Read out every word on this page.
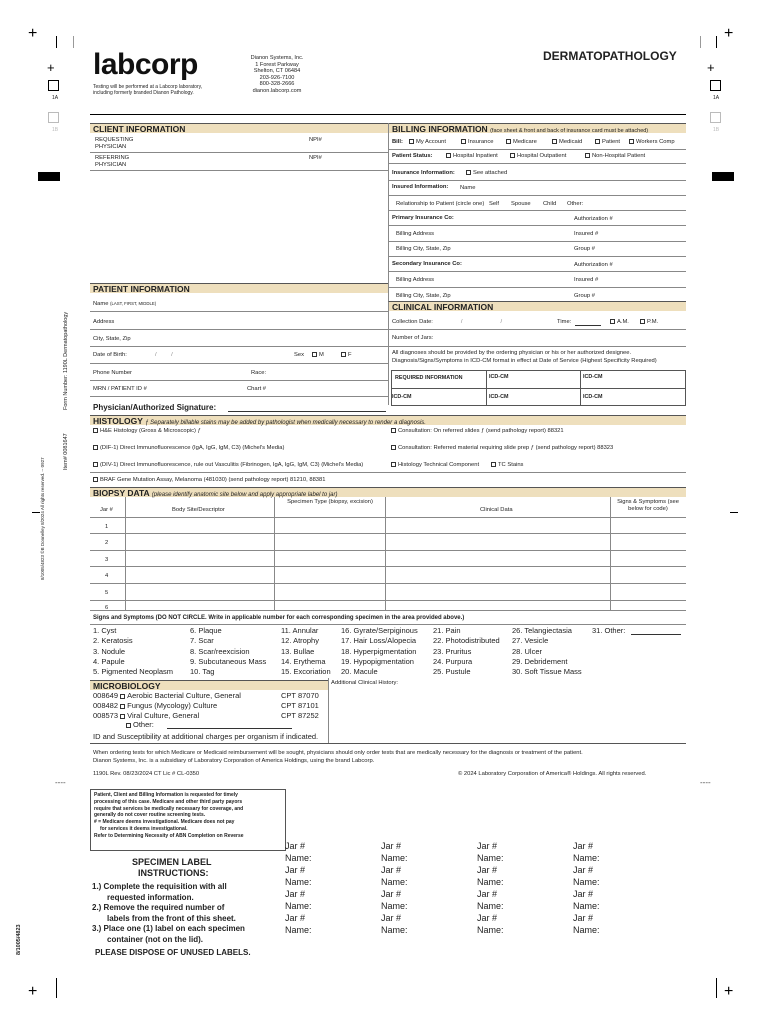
+	+
+	+
+	+
1A	1A
1B	1B
----	----
labcorp
Testing will be performed at a Labcorp laboratory,
including formerly branded Dianon Pathology.
Dianon Systems, Inc.
1 Forest Parkway
Shelton, CT 06484
203-926-7100
800-328-2666
dianon.labcorp.com
DERMATOPATHOLOGY
CLIENT INFORMATION	BILLING INFORMATION (face sheet & front and back of insurance card must be attached)
REQUESTING PHYSICIAN
NPI#
REFERRING PHYSICIAN
NPI#
Bill:	My Account	Insurance	Medicare	Medicaid	Patient	Workers Comp
Patient Status:	Hospital Inpatient	Hospital Outpatient	Non-Hospital Patient
Insurance Information:	See attached
Insured Information: Name
Relationship to Patient (circle one) Self Spouse Child Other:
Primary Insurance Co:	Authorization #
Billing Address	Insured #
Billing City, State, Zip	Group #
Secondary Insurance Co:	Authorization #
Billing Address	Insured #
Billing City, State, Zip	Group #
PATIENT INFORMATION
Name (LAST, FIRST, MIDDLE)
Address
City, State, Zip
Date of Birth:	/         /	Sex	M	F
Phone Number	Race:
MRN / PATIENT ID #	Chart #
CLINICAL INFORMATION
Collection Date:	/	/	Time:	A.M.	P.M.
Number of Jars:
All diagnoses should be provided by the ordering physician or his or her authorized designee.
Diagnosis/Signs/Symptoms in ICD-CM format in effect at Date of Service (Highest Specificity Required)
REQUIRED INFORMATION	ICD-CM	ICD-CM
ICD-CM	ICD-CM	ICD-CM
Physician/Authorized Signature:
HISTOLOGY ƒ Separately billable stains may be added by pathologist when medically necessary to render a diagnosis.
H&E Histology (Gross & Microscopic) ƒ	Consultation: On referred slides ƒ (send pathology report) 88321
(DIF-1) Direct Immunofluorescence (IgA, IgG, IgM, C3) (Michel's Media)	Consultation: Referred material requiring slide prep ƒ (send pathology report) 88323
(DIV-1) Direct Immunofluorescence, rule out Vasculitis (Fibrinogen, IgA, IgG, IgM, C3) (Michel's Media)	Histology Technical Component	TC Stains
BRAF Gene Mutation Assay, Melanoma (481030) (send pathology report) 81210, 88381
BIOPSY DATA (please identify anatomic site below and apply appropriate label to jar)
Jar #	Body Site/Descriptor
Specimen Type (biopsy, excision)
Clinical Data
Signs & Symptoms (see below for code)
1
2
3
4
5
6
Signs and Symptoms (DO NOT CIRCLE. Write in applicable number for each corresponding specimen in the area provided above.)
1. Cyst
2. Keratosis
3. Nodule
4. Papule
5. Pigmented Neoplasm
6. Plaque
7. Scar
8. Scar/reexcision
9. Subcutaneous Mass
10. Tag
11. Annular
12. Atrophy
13. Bullae
14. Erythema
15. Excoriation
16. Gyrate/Serpiginous
17. Hair Loss/Alopecia
18. Hyperpigmentation
19. Hypopigmentation
20. Macule
21. Pain
22. Photodistributed
23. Pruritus
24. Purpura
25. Pustule
26. Telangiectasia
27. Vesicle
28. Ulcer
29. Debridement
30. Soft Tissue Mass
31. Other:
MICROBIOLOGY	Additional Clinical History:
008649 Aerobic Bacterial Culture, General	CPT 87070
008482 Fungus (Mycology) Culture	CPT 87101
008573 Viral Culture, General	CPT 87252
Other:
ID and Susceptibility at additional charges per organism if indicated.
When ordering tests for which Medicare or Medicaid reimbursement will be sought, physicians should only order tests that are medically necessary for the diagnosis or treatment of the patient.
Dianon Systems, Inc. is a subsidiary of Laboratory Corporation of America Holdings, using the brand Labcorp.
1190L Rev. 08/23/2024 CT Lic # CL-0350	© 2024 Laboratory Corporation of America® Holdings. All rights reserved.
Form Number: 1190L Dermatopathology
Item# 0081647
8/1005/4823 ©B Donnelley 8/2024 All rights reserved. -- 0927
8/1005/4823
Patient, Client and Billing Information is requested for timely
processing of this case. Medicare and other third party payors
require that services be medically necessary for coverage, and
generally do not cover routine screening tests.
# = Medicare deems investigational. Medicare does not pay
for services it deems investigational.
Refer to Determining Necessity of ABN Completion on Reverse
SPECIMEN LABEL
INSTRUCTIONS:
1.) Complete the requisition with all
requested information.
2.) Remove the required number of
labels from the front of this sheet.
3.) Place one (1) label on each specimen
container (not on the lid).
PLEASE DISPOSE OF UNUSED LABELS.
Jar #
Name:
Jar #
Name:
Jar #
Name:
Jar #
Name:
Jar #
Name:
Jar #
Name:
Jar #
Name:
Jar #
Name:
Jar #
Name:
Jar #
Name:
Jar #
Name:
Jar #
Name:
Jar #
Name:
Jar #
Name:
Jar #
Name:
Jar #
Name:
